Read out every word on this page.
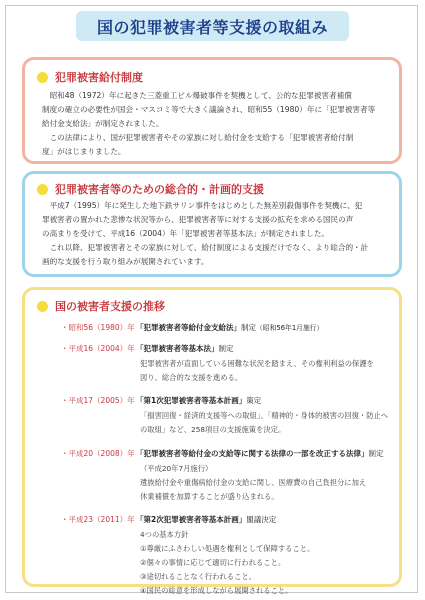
国の犯罪被害者等支援の取組み
犯罪被害給付制度

昭和48（1972）年に起きた三菱重工ビル爆破事件を契機として、公的な犯罪被害者補償
制度の確立の必要性が国会・マスコミ等で大きく議論され、昭和55（1980）年に「犯罪被害者等
給付金支給法」が制定されました。

この法律により、国が犯罪被害者やその家族に対し給付金を支給する「犯罪被害者給付制
度」がはじまりました。

犯罪被害者等のための総合的・計画的支援

平成7（1995）年に発生した地下鉄サリン事件をはじめとした無差別殺傷事件を契機に、犯
罪被害者の置かれた悲惨な状況等から、犯罪被害者等に対する支援の拡充を求める国民の声
の高まりを受けて、平成16（2004）年「犯罪被害者等基本法」が制定されました。

これ以降、犯罪被害者とその家族に対して、給付制度による支援だけでなく、より総合的・計
画的な支援を行う取り組みが展開されています。

国の被害者支援の推移
・昭和56（1980）年 「犯罪被害者等給付金支給法」制定（昭和56年1月施行）
・平成16（2004）年 「犯罪被害者等基本法」制定
犯罪被害者が直面している困難な状況を踏まえ、その権利利益の保護を
図り、総合的な支援を進める。
・平成17（2005）年 「第1次犯罪被害者等基本計画」策定
「損害回復・経済的支援等への取組」、「精神的・身体的被害の回復・防止へ
の取組」など、258項目の支援施策を決定。
・平成20（2008）年 「犯罪被害者等給付金の支給等に関する法律の一部を改正する法律」制定
（平成20年7月施行）
遺族給付金や重傷病給付金の支給に関し、医療費の自己負担分に加え
休業補償を加算することが盛り込まれる。
・平成23（2011）年 「第2次犯罪被害者等基本計画」閣議決定
4つの基本方針
①尊厳にふさわしい処遇を権利として保障すること。
②個々の事情に応じて適切に行われること。
③途切れることなく行われること。
④国民の総意を形成しながら展開されること。
